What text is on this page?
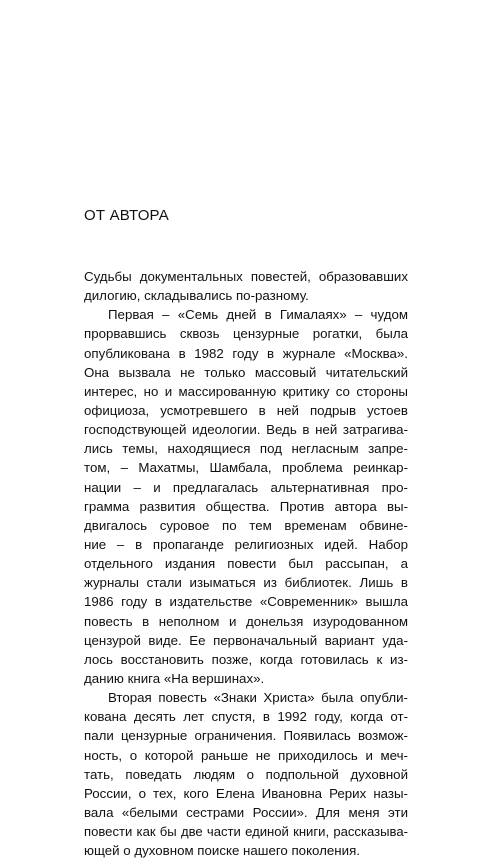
ОТ АВТОРА
Судьбы документальных повестей, образовавших
дилогию, складывались по-разному.
Первая – «Семь дней в Гималаях» – чудом
прорвавшись сквозь цензурные рогатки, была
опубликована в 1982 году в журнале «Москва».
Она вызвала не только массовый читательский
интерес, но и массированную критику со стороны
официоза, усмотревшего в ней подрыв устоев
господствующей идеологии. Ведь в ней затрагива-
лись темы, находящиеся под негласным запре-
том, – Махатмы, Шамбала, проблема реинкар-
нации – и предлагалась альтернативная про-
грамма развития общества. Против автора вы-
двигалось суровое по тем временам обвине-
ние – в пропаганде религиозных идей. Набор
отдельного издания повести был рассыпан, а
журналы стали изыматься из библиотек. Лишь в
1986 году в издательстве «Современник» вышла
повесть в неполном и донельзя изуродованном
цензурой виде. Ее первоначальный вариант уда-
лось восстановить позже, когда готовилась к из-
данию книга «На вершинах».
Вторая повесть «Знаки Христа» была опубли-
кована десять лет спустя, в 1992 году, когда от-
пали цензурные ограничения. Появилась возмож-
ность, о которой раньше не приходилось и меч-
тать, поведать людям о подпольной духовной
России, о тех, кого Елена Ивановна Рерих назы-
вала «белыми сестрами России». Для меня эти
повести как бы две части единой книги, рассказыва-
ющей о духовном поиске нашего поколения.
